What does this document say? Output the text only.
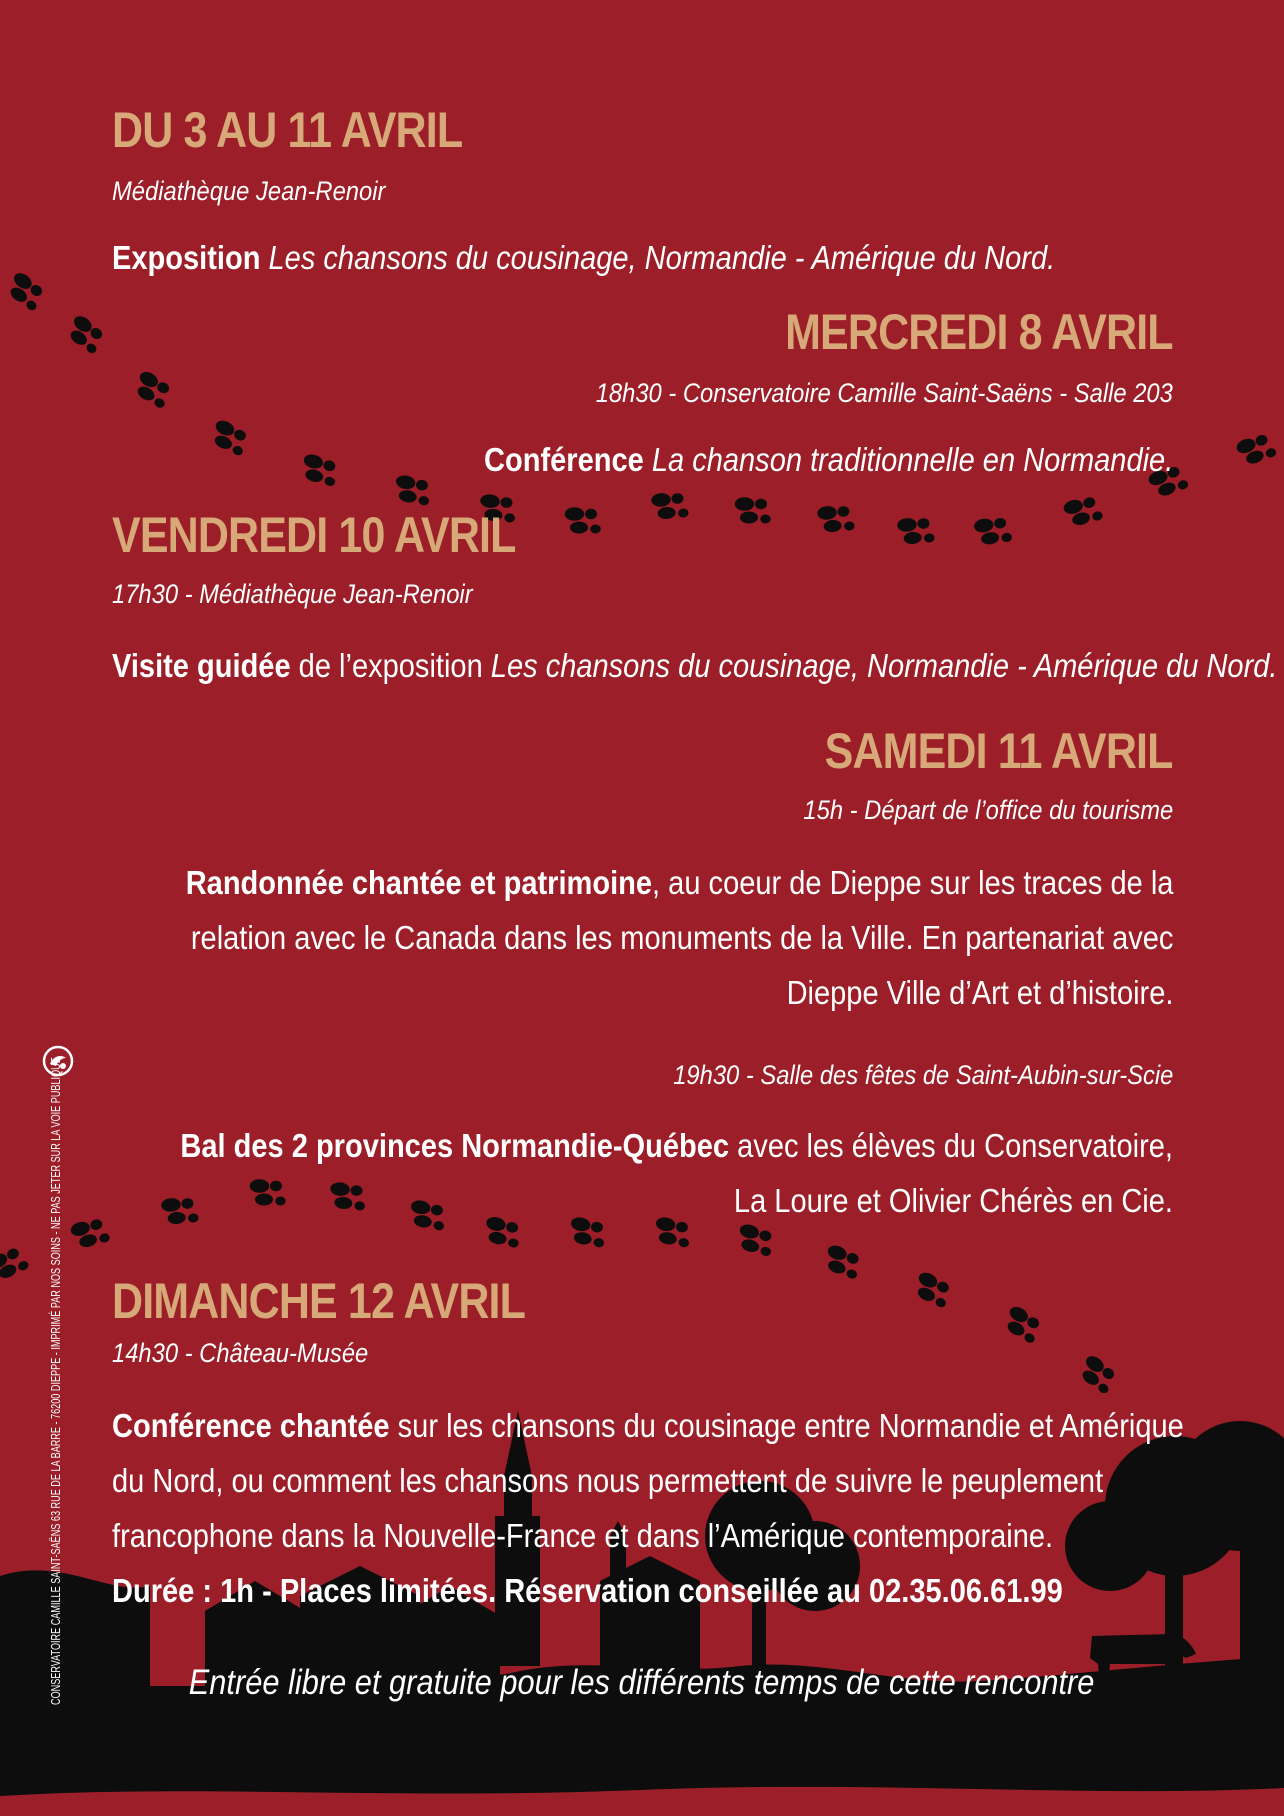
CONSERVATOIRE CAMILLE SAINT-SAËNS 63 RUE DE LA BARRE - 76200 DIEPPE - IMPRIMÉ PAR NOS SOINS - NE PAS JETER SUR LA VOIE PUBLIQUE
DU 3 AU 11 AVRIL
Médiathèque Jean-Renoir
Exposition Les chansons du cousinage, Normandie - Amérique du Nord.
MERCREDI 8 AVRIL
18h30 - Conservatoire Camille Saint-Saëns - Salle 203
Conférence La chanson traditionnelle en Normandie.
VENDREDI 10 AVRIL
17h30 - Médiathèque Jean-Renoir
Visite guidée de l’exposition Les chansons du cousinage, Normandie - Amérique du Nord.
SAMEDI 11 AVRIL
15h - Départ de l’office du tourisme
Randonnée chantée et patrimoine, au coeur de Dieppe sur les traces de la
relation avec le Canada dans les monuments de la Ville. En partenariat avec
Dieppe Ville d’Art et d’histoire.
19h30 - Salle des fêtes de Saint-Aubin-sur-Scie
Bal des 2 provinces Normandie-Québec avec les élèves du Conservatoire,
La Loure et Olivier Chérès en Cie.
DIMANCHE 12 AVRIL
14h30 - Château-Musée
Conférence chantée sur les chansons du cousinage entre Normandie et Amérique
du Nord, ou comment les chansons nous permettent de suivre le peuplement
francophone dans la Nouvelle-France et dans l’Amérique contemporaine.
Durée : 1h - Places limitées. Réservation conseillée au 02.35.06.61.99
Entrée libre et gratuite pour les différents temps de cette rencontre
